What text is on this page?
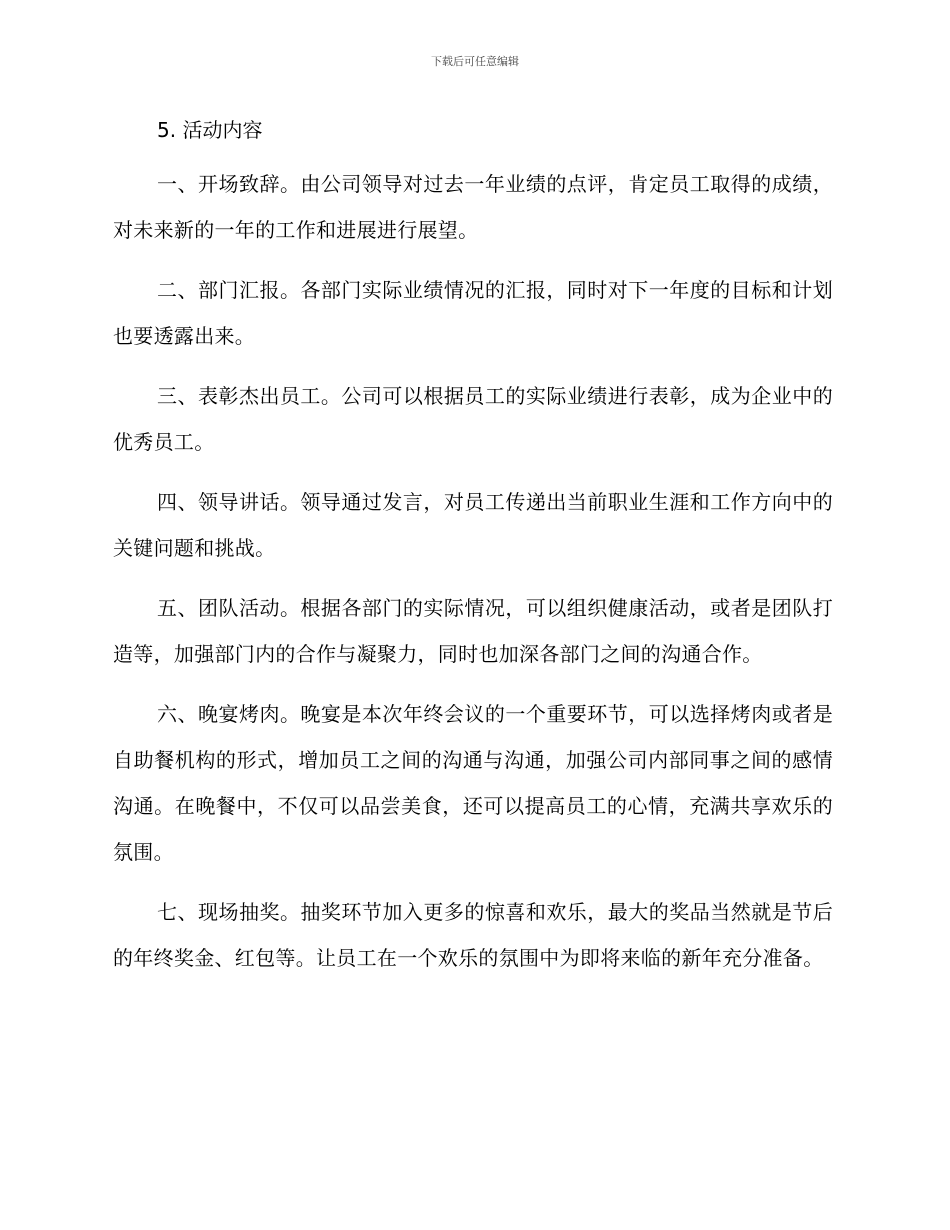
下载后可任意编辑
5. 活动内容

一、开场致辞。由公司领导对过去一年业绩的点评，肯定员工取得的成绩，对未来新的一年的工作和进展进行展望。

二、部门汇报。各部门实际业绩情况的汇报，同时对下一年度的目标和计划也要透露出来。

三、表彰杰出员工。公司可以根据员工的实际业绩进行表彰，成为企业中的优秀员工。

四、领导讲话。领导通过发言，对员工传递出当前职业生涯和工作方向中的关键问题和挑战。

五、团队活动。根据各部门的实际情况，可以组织健康活动，或者是团队打造等，加强部门内的合作与凝聚力，同时也加深各部门之间的沟通合作。

六、晚宴烤肉。晚宴是本次年终会议的一个重要环节，可以选择烤肉或者是自助餐机构的形式，增加员工之间的沟通与沟通，加强公司内部同事之间的感情沟通。在晚餐中，不仅可以品尝美食，还可以提高员工的心情，充满共享欢乐的氛围。

七、现场抽奖。抽奖环节加入更多的惊喜和欢乐，最大的奖品当然就是节后的年终奖金、红包等。让员工在一个欢乐的氛围中为即将来临的新年充分准备。
